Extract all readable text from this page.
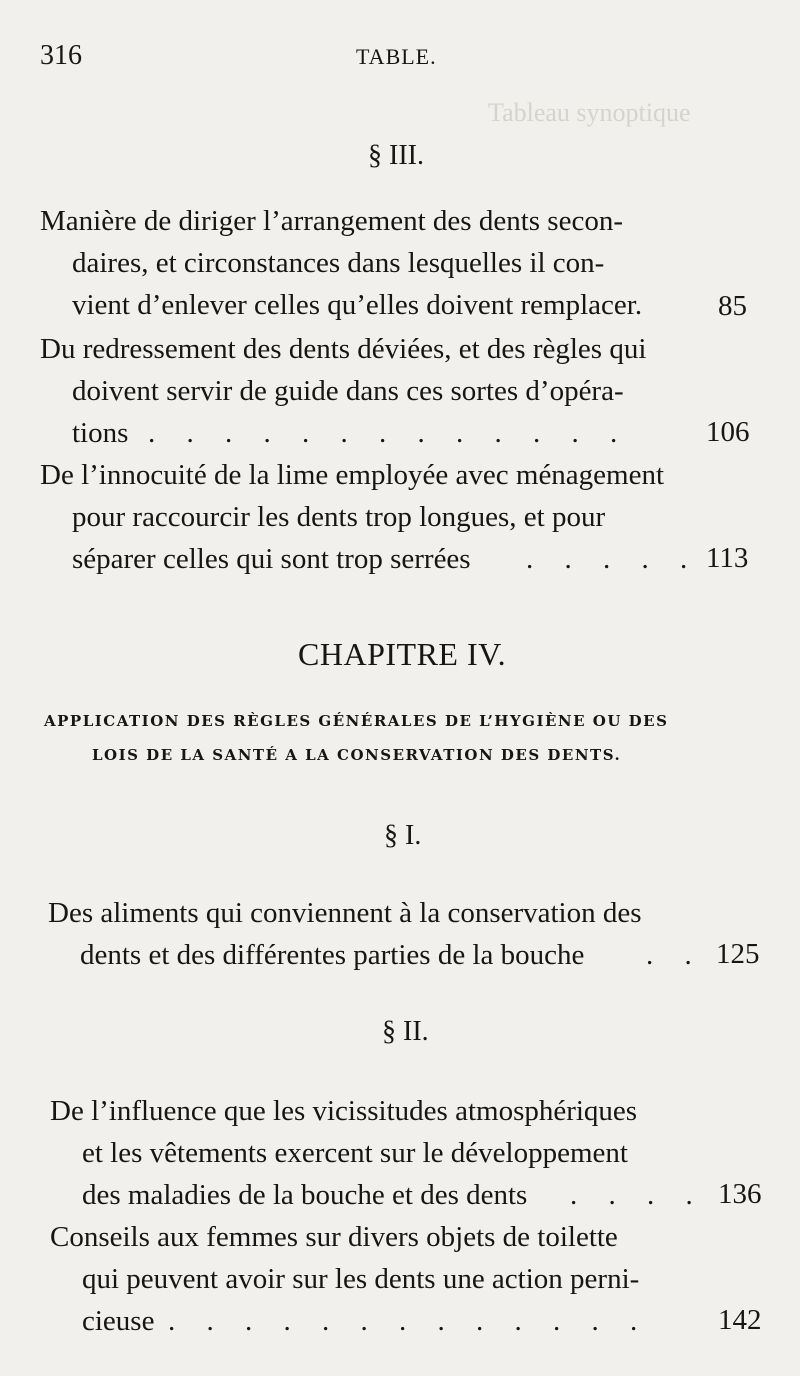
Tableau synoptique
316	TABLE.
§ III.
Manière de diriger l’arrangement des dents secon-
daires, et circonstances dans lesquelles il con-
vient d’enlever celles qu’elles doivent remplacer.	85
Du redressement des dents déviées, et des règles qui
doivent servir de guide dans ces sortes d’opéra-
tions . . . . . . . . . . . . .	106
De l’innocuité de la lime employée avec ménagement
pour raccourcir les dents trop longues, et pour
séparer celles qui sont trop serrées . . . . . 113
CHAPITRE IV.
APPLICATION DES RÈGLES GÉNÉRALES DE L’HYGIÈNE OU DES
LOIS DE LA SANTÉ A LA CONSERVATION DES DENTS.
§ I.
Des aliments qui conviennent à la conservation des
dents et des différentes parties de la bouche . . 125
§ II.
De l’influence que les vicissitudes atmosphériques
et les vêtements exercent sur le développement
des maladies de la bouche et des dents . . . . 136
Conseils aux femmes sur divers objets de toilette
qui peuvent avoir sur les dents une action perni-
cieuse . . . . . . . . . . . . . 142
